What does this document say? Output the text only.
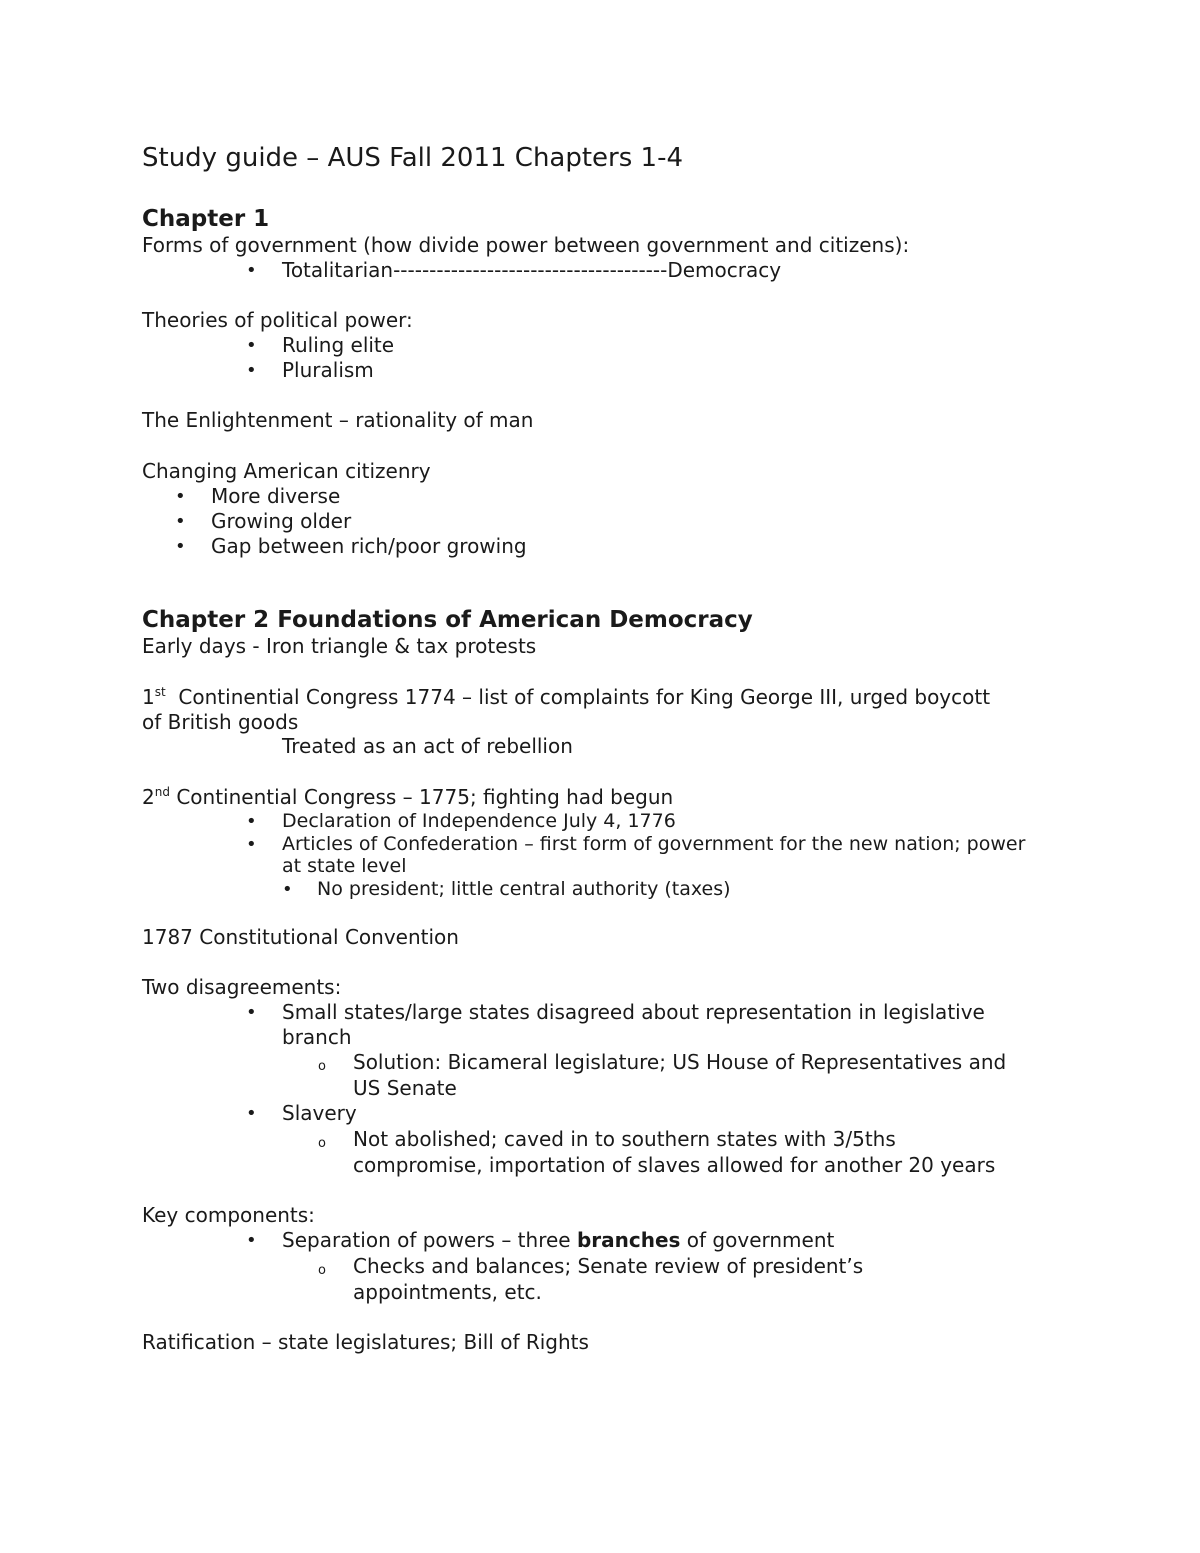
Study guide – AUS Fall 2011 Chapters 1-4
Chapter 1
Forms of government (how divide power between government and citizens):
• Totalitarian--------------------------------------Democracy
Theories of political power:
• Ruling elite
• Pluralism
The Enlightenment – rationality of man
Changing American citizenry
• More diverse
• Growing older
• Gap between rich/poor growing
Chapter 2 Foundations of American Democracy
Early days - Iron triangle & tax protests
1st Continential Congress 1774 – list of complaints for King George III, urged boycott
of British goods
Treated as an act of rebellion
2nd Continential Congress – 1775; fighting had begun
• Declaration of Independence July 4, 1776
• Articles of Confederation – first form of government for the new nation; power
at state level
• No president; little central authority (taxes)
1787 Constitutional Convention
Two disagreements:
• Small states/large states disagreed about representation in legislative
branch
o Solution: Bicameral legislature; US House of Representatives and
US Senate
• Slavery
o Not abolished; caved in to southern states with 3/5ths
compromise, importation of slaves allowed for another 20 years
Key components:
• Separation of powers – three branches of government
o Checks and balances; Senate review of president’s
appointments, etc.
Ratification – state legislatures; Bill of Rights
